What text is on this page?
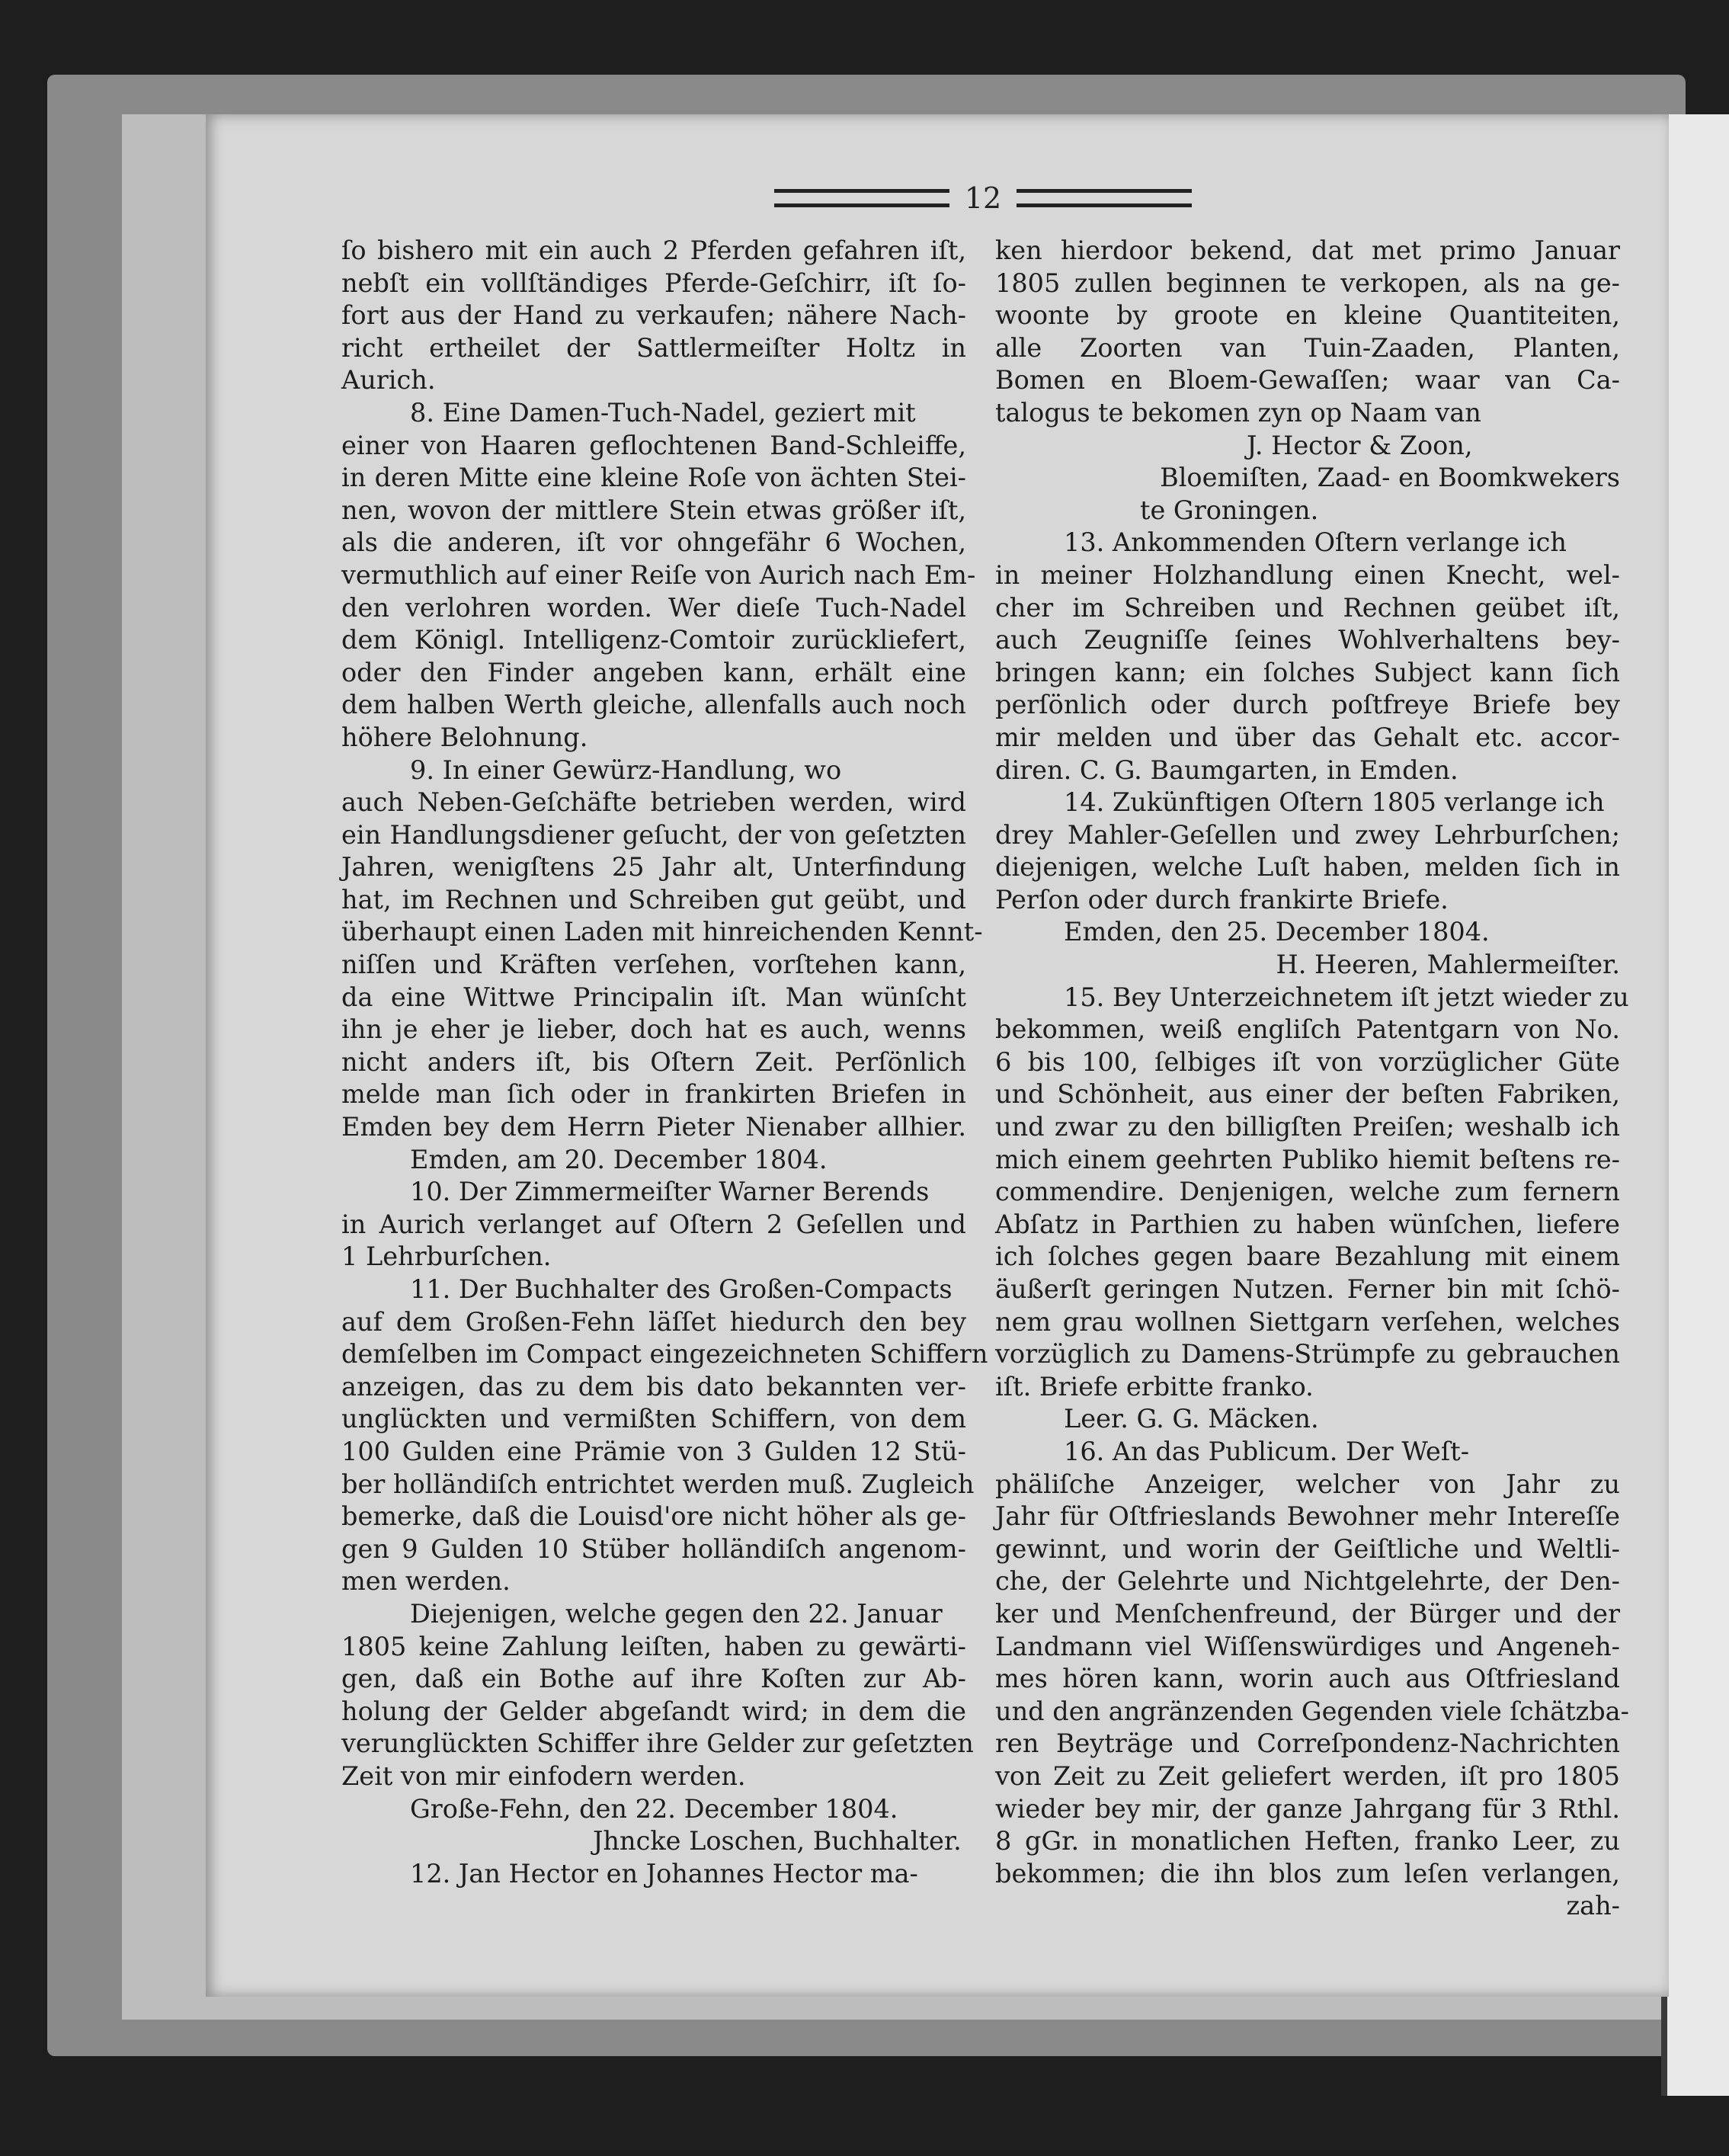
12
ſo bishero mit ein auch 2 Pferden gefahren iſt,
nebſt ein vollſtändiges Pferde-Geſchirr, iſt ſo-
fort aus der Hand zu verkaufen; nähere Nach-
richt ertheilet der Sattlermeiſter Holtz in
Aurich.
8. Eine Damen-Tuch-Nadel, geziert mit
einer von Haaren geflochtenen Band-Schleiffe,
in deren Mitte eine kleine Roſe von ächten Stei-
nen, wovon der mittlere Stein etwas größer iſt,
als die anderen, iſt vor ohngefähr 6 Wochen,
vermuthlich auf einer Reiſe von Aurich nach Em-
den verlohren worden. Wer dieſe Tuch-Nadel
dem Königl. Intelligenz-Comtoir zurückliefert,
oder den Finder angeben kann, erhält eine
dem halben Werth gleiche, allenfalls auch noch
höhere Belohnung.
9. In einer Gewürz-Handlung, wo
auch Neben-Geſchäfte betrieben werden, wird
ein Handlungsdiener geſucht, der von geſetzten
Jahren, wenigſtens 25 Jahr alt, Unterfindung
hat, im Rechnen und Schreiben gut geübt, und
überhaupt einen Laden mit hinreichenden Kennt-
niſſen und Kräften verſehen, vorſtehen kann,
da eine Wittwe Principalin iſt. Man wünſcht
ihn je eher je lieber, doch hat es auch, wenns
nicht anders iſt, bis Oſtern Zeit. Perſönlich
melde man ſich oder in frankirten Briefen in
Emden bey dem Herrn Pieter Nienaber allhier.
Emden, am 20. December 1804.
10. Der Zimmermeiſter Warner Berends
in Aurich verlanget auf Oſtern 2 Geſellen und
1 Lehrburſchen.
11. Der Buchhalter des Großen-Compacts
auf dem Großen-Fehn läſſet hiedurch den bey
demſelben im Compact eingezeichneten Schiffern
anzeigen, das zu dem bis dato bekannten ver-
unglückten und vermißten Schiffern, von dem
100 Gulden eine Prämie von 3 Gulden 12 Stü-
ber holländiſch entrichtet werden muß. Zugleich
bemerke, daß die Louisd'ore nicht höher als ge-
gen 9 Gulden 10 Stüber holländiſch angenom-
men werden.
Diejenigen, welche gegen den 22. Januar
1805 keine Zahlung leiſten, haben zu gewärti-
gen, daß ein Bothe auf ihre Koſten zur Ab-
holung der Gelder abgeſandt wird; in dem die
verunglückten Schiffer ihre Gelder zur geſetzten
Zeit von mir einfodern werden.
Große-Fehn, den 22. December 1804.
Jhncke Loschen, Buchhalter.
12. Jan Hector en Johannes Hector ma-
ken hierdoor bekend, dat met primo Januar
1805 zullen beginnen te verkopen, als na ge-
woonte by groote en kleine Quantiteiten,
alle Zoorten van Tuin-Zaaden, Planten,
Bomen en Bloem-Gewaſſen; waar van Ca-
talogus te bekomen zyn op Naam van
J. Hector & Zoon,
Bloemiſten, Zaad- en Boomkwekers
te Groningen.
13. Ankommenden Oſtern verlange ich
in meiner Holzhandlung einen Knecht, wel-
cher im Schreiben und Rechnen geübet iſt,
auch Zeugniſſe ſeines Wohlverhaltens bey-
bringen kann; ein ſolches Subject kann ſich
perſönlich oder durch poſtfreye Briefe bey
mir melden und über das Gehalt etc. accor-
diren. C. G. Baumgarten, in Emden.
14. Zukünftigen Oſtern 1805 verlange ich
drey Mahler-Geſellen und zwey Lehrburſchen;
diejenigen, welche Luſt haben, melden ſich in
Perſon oder durch frankirte Briefe.
Emden, den 25. December 1804.
H. Heeren, Mahlermeiſter.
15. Bey Unterzeichnetem iſt jetzt wieder zu
bekommen, weiß engliſch Patentgarn von No.
6 bis 100, ſelbiges iſt von vorzüglicher Güte
und Schönheit, aus einer der beſten Fabriken,
und zwar zu den billigſten Preiſen; weshalb ich
mich einem geehrten Publiko hiemit beſtens re-
commendire. Denjenigen, welche zum fernern
Abſatz in Parthien zu haben wünſchen, liefere
ich ſolches gegen baare Bezahlung mit einem
äußerſt geringen Nutzen. Ferner bin mit ſchö-
nem grau wollnen Siettgarn verſehen, welches
vorzüglich zu Damens-Strümpfe zu gebrauchen
iſt. Briefe erbitte franko.
Leer. G. G. Mäcken.
16. An das Publicum. Der Weſt-
phäliſche Anzeiger, welcher von Jahr zu
Jahr für Oſtfrieslands Bewohner mehr Intereſſe
gewinnt, und worin der Geiſtliche und Weltli-
che, der Gelehrte und Nichtgelehrte, der Den-
ker und Menſchenfreund, der Bürger und der
Landmann viel Wiſſenswürdiges und Angeneh-
mes hören kann, worin auch aus Oſtfriesland
und den angränzenden Gegenden viele ſchätzba-
ren Beyträge und Correſpondenz-Nachrichten
von Zeit zu Zeit geliefert werden, iſt pro 1805
wieder bey mir, der ganze Jahrgang für 3 Rthl.
8 gGr. in monatlichen Heften, franko Leer, zu
bekommen; die ihn blos zum leſen verlangen,
zah-
